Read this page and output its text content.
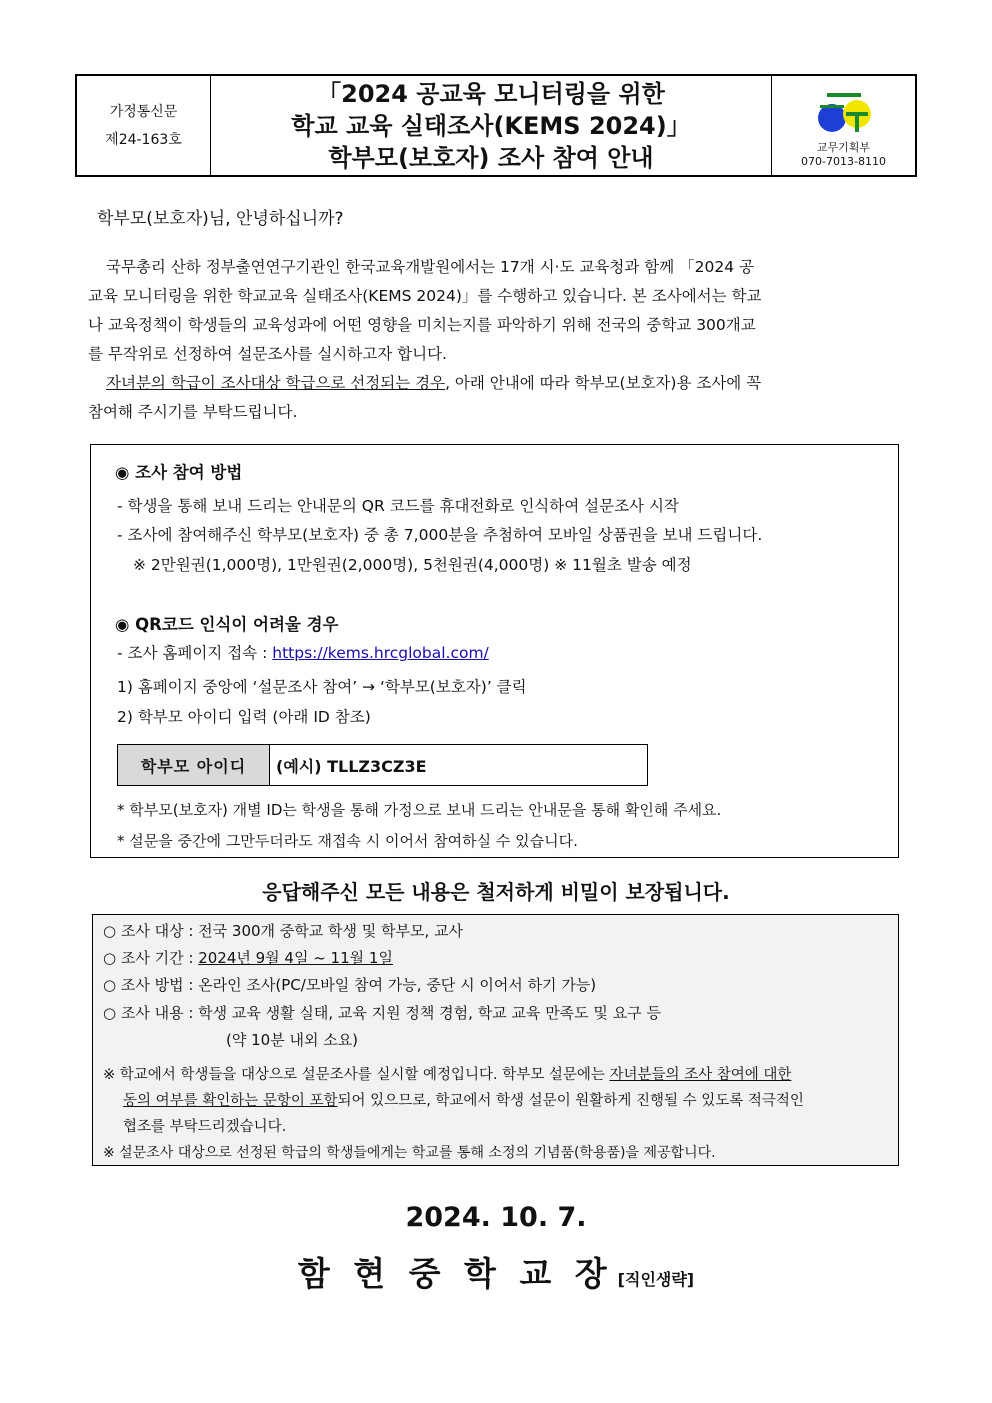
가정통신문
제24-163호
「2024 공교육 모니터링을 위한
학교 교육 실태조사(KEMS 2024)」
학부모(보호자) 조사 참여 안내	교무기획부
070-7013-8110
학부모(보호자)님, 안녕하십니까?
국무총리 산하 정부출연연구기관인 한국교육개발원에서는 17개 시·도 교육청과 함께 「2024 공
교육 모니터링을 위한 학교교육 실태조사(KEMS 2024)」를 수행하고 있습니다. 본 조사에서는 학교
나 교육정책이 학생들의 교육성과에 어떤 영향을 미치는지를 파악하기 위해 전국의 중학교 300개교
를 무작위로 선정하여 설문조사를 실시하고자 합니다.
자녀분의 학급이 조사대상 학급으로 선정되는 경우, 아래 안내에 따라 학부모(보호자)용 조사에 꼭
참여해 주시기를 부탁드립니다.
◉ 조사 참여 방법
- 학생을 통해 보내 드리는 안내문의 QR 코드를 휴대전화로 인식하여 설문조사 시작
- 조사에 참여해주신 학부모(보호자) 중 총 7,000분을 추첨하여 모바일 상품권을 보내 드립니다.
※ 2만원권(1,000명), 1만원권(2,000명), 5천원권(4,000명) ※ 11월초 발송 예정
◉ QR코드 인식이 어려울 경우
- 조사 홈페이지 접속 : https://kems.hrcglobal.com/
1) 홈페이지 중앙에 ‘설문조사 참여’ → ‘학부모(보호자)’ 클릭
2) 학부모 아이디 입력 (아래 ID 참조)
학부모 아이디	(예시) TLLZ3CZ3E
* 학부모(보호자) 개별 ID는 학생을 통해 가정으로 보내 드리는 안내문을 통해 확인해 주세요.
* 설문을 중간에 그만두더라도 재접속 시 이어서 참여하실 수 있습니다.
응답해주신 모든 내용은 철저하게 비밀이 보장됩니다.
○ 조사 대상 : 전국 300개 중학교 학생 및 학부모, 교사
○ 조사 기간 : 2024년 9월 4일 ~ 11월 1일
○ 조사 방법 : 온라인 조사(PC/모바일 참여 가능, 중단 시 이어서 하기 가능)
○ 조사 내용 : 학생 교육 생활 실태, 교육 지원 정책 경험, 학교 교육 만족도 및 요구 등
(약 10분 내외 소요)
※ 학교에서 학생들을 대상으로 설문조사를 실시할 예정입니다. 학부모 설문에는 자녀분들의 조사 참여에 대한
동의 여부를 확인하는 문항이 포함되어 있으므로, 학교에서 학생 설문이 원활하게 진행될 수 있도록 적극적인
협조를 부탁드리겠습니다.
※ 설문조사 대상으로 선정된 학급의 학생들에게는 학교를 통해 소정의 기념품(학용품)을 제공합니다.
2024. 10. 7.
함 현 중 학 교 장 [직인생략]
